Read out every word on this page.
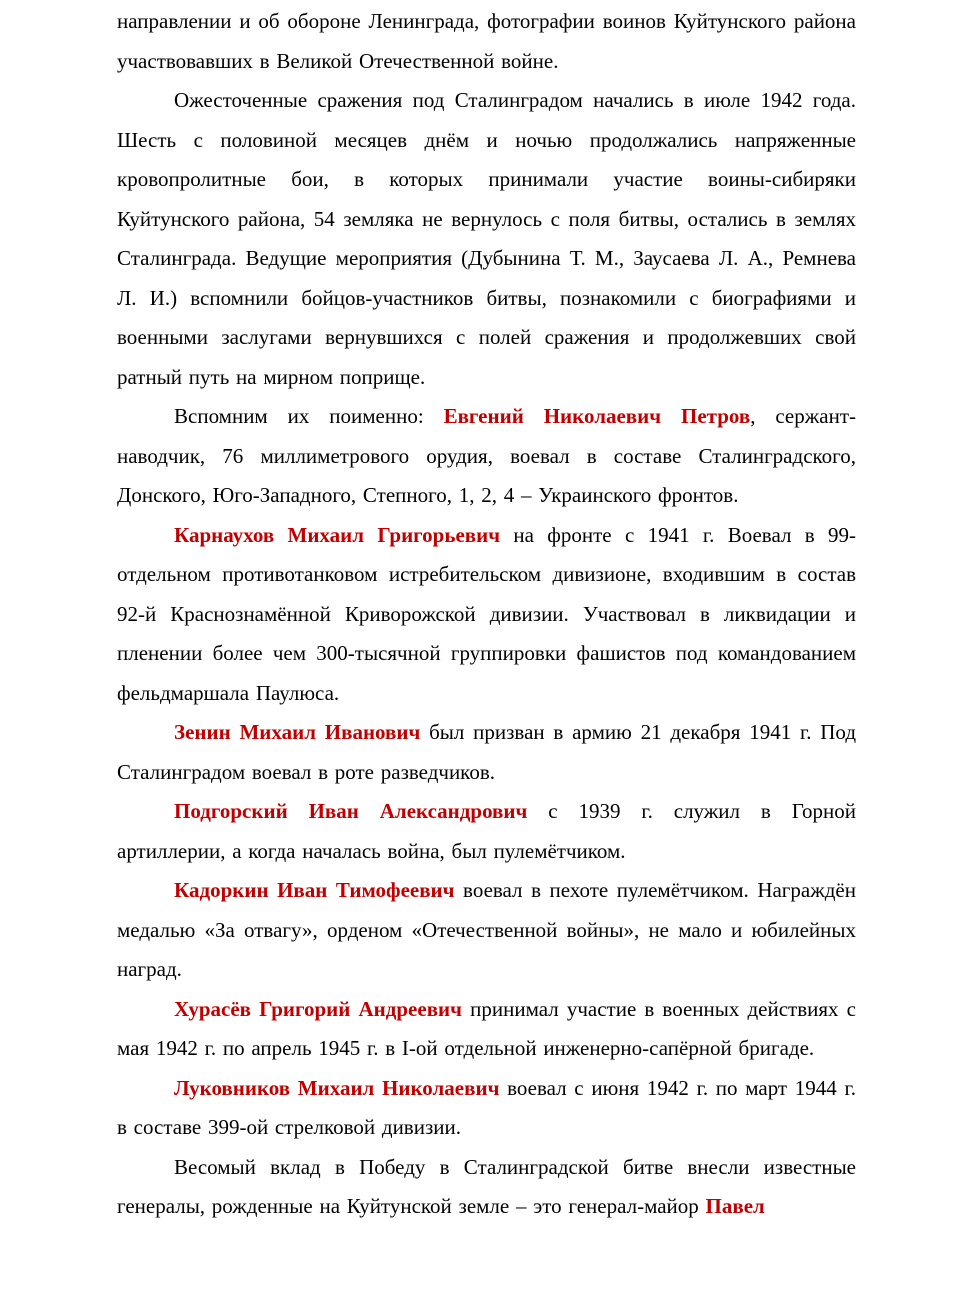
направлении и об обороне Ленинграда, фотографии воинов Куйтунского района участвовавших в Великой Отечественной войне.

Ожесточенные сражения под Сталинградом начались в июле 1942 года. Шесть с половиной месяцев днём и ночью продолжались напряженные кровопролитные бои, в которых принимали участие воины-сибиряки Куйтунского района, 54 земляка не вернулось с поля битвы, остались в землях Сталинграда. Ведущие мероприятия (Дубынина Т. М., Заусаева Л. А., Ремнева Л. И.) вспомнили бойцов-участников битвы, познакомили с биографиями и военными заслугами вернувшихся с полей сражения и продолжевших свой ратный путь на мирном поприще.

Вспомним их поименно: Евгений Николаевич Петров, сержант-наводчик, 76 миллиметрового орудия, воевал в составе Сталинградского, Донского, Юго-Западного, Степного, 1, 2, 4 – Украинского фронтов.

Карнаухов Михаил Григорьевич на фронте с 1941 г. Воевал в 99-отдельном противотанковом истребительском дивизионе, входившим в состав 92-й Краснознамённой Криворожской дивизии. Участвовал в ликвидации и пленении более чем 300-тысячной группировки фашистов под командованием фельдмаршала Паулюса.

Зенин Михаил Иванович был призван в армию 21 декабря 1941 г. Под Сталинградом воевал в роте разведчиков.

Подгорский Иван Александрович с 1939 г. служил в Горной артиллерии, а когда началась война, был пулемётчиком.

Кадоркин Иван Тимофеевич воевал в пехоте пулемётчиком. Награждён медалью «За отвагу», орденом «Отечественной войны», не мало и юбилейных наград.

Хурасёв Григорий Андреевич принимал участие в военных действиях с мая 1942 г. по апрель 1945 г. в I-ой отдельной инженерно-сапёрной бригаде.

Луковников Михаил Николаевич воевал с июня 1942 г. по март 1944 г. в составе 399-ой стрелковой дивизии.

Весомый вклад в Победу в Сталинградской битве внесли известные генералы, рожденные на Куйтунской земле – это генерал-майор Павел
